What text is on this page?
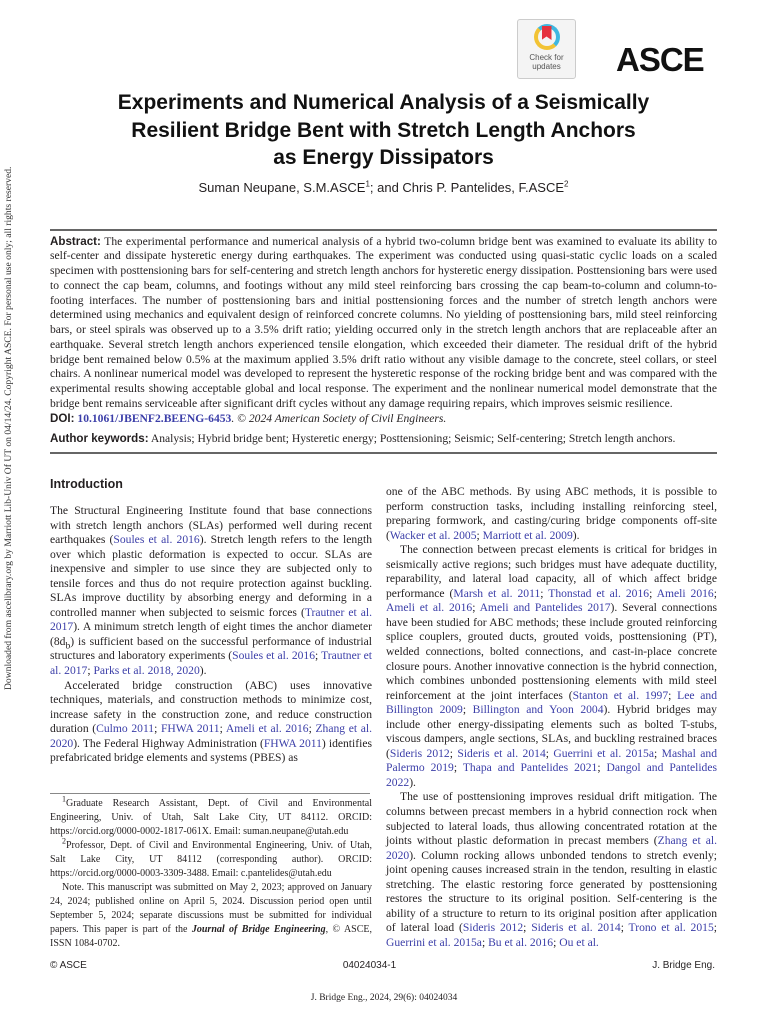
Downloaded from ascelibrary.org by Marriott Lib-Univ Of UT on 04/14/24. Copyright ASCE. For personal use only; all rights reserved.
Check for
updates	ASCE
Experiments and Numerical Analysis of a Seismically
Resilient Bridge Bent with Stretch Length Anchors
as Energy Dissipators
Suman Neupane, S.M.ASCE$^1$; and Chris P. Pantelides, F.ASCE$^2$
Abstract: The experimental performance and numerical analysis of a hybrid two-column bridge bent was examined to evaluate its ability to self-center and dissipate hysteretic energy during earthquakes. The experiment was conducted using quasi-static cyclic loads on a scaled specimen with posttensioning bars for self-centering and stretch length anchors for hysteretic energy dissipation. Posttensioning bars were used to connect the cap beam, columns, and footings without any mild steel reinforcing bars crossing the cap beam-to-column and column-to-footing interfaces. The number of posttensioning bars and initial posttensioning forces and the number of stretch length anchors were determined using mechanics and equivalent design of reinforced concrete columns. No yielding of posttensioning bars, mild steel reinforcing bars, or steel spirals was observed up to a 3.5% drift ratio; yielding occurred only in the stretch length anchors that are replaceable after an earthquake. Several stretch length anchors experienced tensile elongation, which exceeded their diameter. The residual drift of the hybrid bridge bent remained below 0.5% at the maximum applied 3.5% drift ratio without any visible damage to the concrete, steel collars, or steel chairs. A nonlinear numerical model was developed to represent the hysteretic response of the rocking bridge bent and was compared with the experimental results showing acceptable global and local response. The experiment and the nonlinear numerical model demonstrate that the bridge bent remains serviceable after significant drift cycles without any damage requiring repairs, which improves seismic resilience.
DOI: 10.1061/JBENF2.BEENG-6453. © 2024 American Society of Civil Engineers.
Author keywords: Analysis; Hybrid bridge bent; Hysteretic energy; Posttensioning; Seismic; Self-centering; Stretch length anchors.
Introduction

The Structural Engineering Institute found that base connections with stretch length anchors (SLAs) performed well during recent earthquakes (Soules et al. 2016). Stretch length refers to the length over which plastic deformation is expected to occur. SLAs are inexpensive and simpler to use since they are subjected only to tensile forces and thus do not require protection against buckling. SLAs improve ductility by absorbing energy and deforming in a controlled manner when subjected to seismic forces (Trautner et al. 2017). A minimum stretch length of eight times the anchor diameter $(8d_b)$ is sufficient based on the successful performance of industrial structures and laboratory experiments (Soules et al. 2016; Trautner et al. 2017; Parks et al. 2018, 2020).

Accelerated bridge construction (ABC) uses innovative techniques, materials, and construction methods to minimize cost, increase safety in the construction zone, and reduce construction duration (Culmo 2011; FHWA 2011; Ameli et al. 2016; Zhang et al. 2020). The Federal Highway Administration (FHWA 2011) identifies prefabricated bridge elements and systems (PBES) as

$^1$Graduate Research Assistant, Dept. of Civil and Environmental Engineering, Univ. of Utah, Salt Lake City, UT 84112. ORCID: https://orcid.org/0000-0002-1817-061X. Email: suman.neupane@utah.edu

$^2$Professor, Dept. of Civil and Environmental Engineering, Univ. of Utah, Salt Lake City, UT 84112 (corresponding author). ORCID: https://orcid.org/0000-0003-3309-3488. Email: c.pantelides@utah.edu

Note. This manuscript was submitted on May 2, 2023; approved on January 24, 2024; published online on April 5, 2024. Discussion period open until September 5, 2024; separate discussions must be submitted for individual papers. This paper is part of the Journal of Bridge Engineering, © ASCE, ISSN 1084-0702.

one of the ABC methods. By using ABC methods, it is possible to perform construction tasks, including installing reinforcing steel, preparing formwork, and casting/curing bridge components off-site (Wacker et al. 2005; Marriott et al. 2009).

The connection between precast elements is critical for bridges in seismically active regions; such bridges must have adequate ductility, reparability, and lateral load capacity, all of which affect bridge performance (Marsh et al. 2011; Thonstad et al. 2016; Ameli 2016; Ameli et al. 2016; Ameli and Pantelides 2017). Several connections have been studied for ABC methods; these include grouted reinforcing splice couplers, grouted ducts, grouted voids, posttensioning (PT), welded connections, bolted connections, and cast-in-place concrete closure pours. Another innovative connection is the hybrid connection, which combines unbonded posttensioning elements with mild steel reinforcement at the joint interfaces (Stanton et al. 1997; Lee and Billington 2009; Billington and Yoon 2004). Hybrid bridges may include other energy-dissipating elements such as bolted T-stubs, viscous dampers, angle sections, SLAs, and buckling restrained braces (Sideris 2012; Sideris et al. 2014; Guerrini et al. 2015a; Mashal and Palermo 2019; Thapa and Pantelides 2021; Dangol and Pantelides 2022).

The use of posttensioning improves residual drift mitigation. The columns between precast members in a hybrid connection rock when subjected to lateral loads, thus allowing concentrated rotation at the joints without plastic deformation in precast members (Zhang et al. 2020). Column rocking allows unbonded tendons to stretch evenly; joint opening causes increased strain in the tendon, resulting in elastic stretching. The elastic restoring force generated by posttensioning restores the structure to its original position. Self-centering is the ability of a structure to return to its original position after application of lateral load (Sideris 2012; Sideris et al. 2014; Trono et al. 2015; Guerrini et al. 2015a; Bu et al. 2016; Ou et al.

© ASCE	04024034-1	J. Bridge Eng.
J. Bridge Eng., 2024, 29(6): 04024034
